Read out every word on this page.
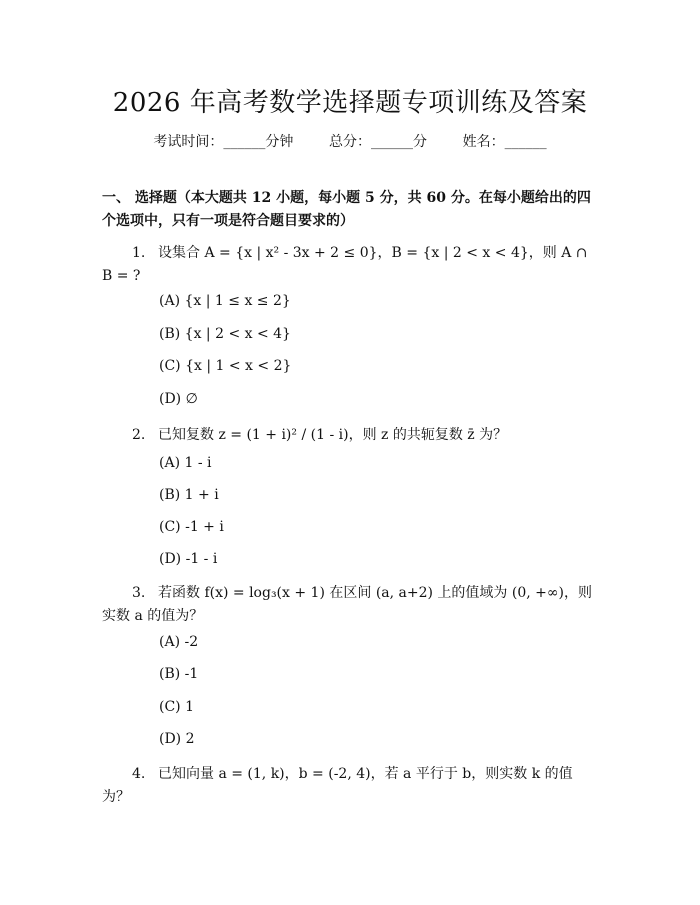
2026 年高考数学选择题专项训练及答案
考试时间：______分钟	总分：______分	姓名：______

一、 选择题（本大题共 12 小题，每小题 5 分，共 60 分。在每小题给出的四个选项中，只有一项是符合题目要求的）

1. 设集合 A = {x | x² - 3x + 2 ≤ 0}，B = {x | 2 < x < 4}，则 A ∩ B = ?

(A) {x | 1 ≤ x ≤ 2}

(B) {x | 2 < x < 4}

(C) {x | 1 < x < 2}

(D) ∅

2. 已知复数 z = (1 + i)² / (1 - i)，则 z 的共轭复数 z̄ 为？

(A) 1 - i

(B) 1 + i

(C) -1 + i

(D) -1 - i

3. 若函数 f(x) = log₃(x + 1) 在区间 (a, a+2) 上的值域为 (0, +∞)，则实数 a 的值为？

(A) -2

(B) -1

(C) 1

(D) 2

4. 已知向量 a = (1, k)，b = (-2, 4)，若 a 平行于 b，则实数 k 的值为？
